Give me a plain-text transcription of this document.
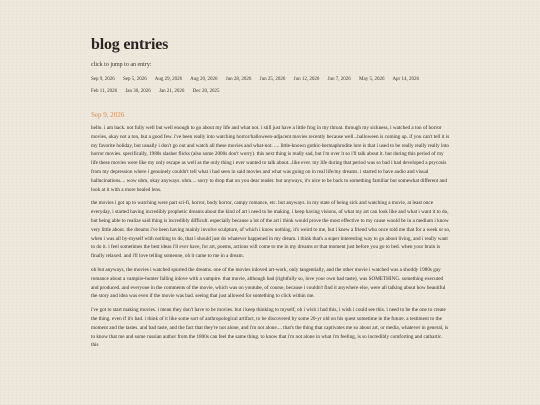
blog entries
click to jump to an entry:
Sep 9, 2026 Sep 5, 2026 Aug 29, 2026 Aug 20, 2026 Jun 28, 2026 Jun 25, 2026 Jun 12, 2026 Jun 7, 2026 May 5, 2026 Apr 14, 2026 Feb 11, 2026 Jan 30, 2026 Jan 21, 2026 Dec 20, 2025
Sep 9, 2026

hello. i am back. not fully well but well enough to go about my life and what not. i still just have a little frog in my throat. through my sickness, i watched a ton of horror movies, okay not a ton, but a good few. i've been really into watching horror/halloween-adjacent movies recently because well...halloween is coming up. if you can't tell it is my favorite holiday, but usually i don't go out and watch all these movies and what-not. .... little-known gothic-hermaphrodite lore is that i used to be really really really into horror movies. specifically, 1980s slasher flicks (also some 2000s don't worry). this next thing is really sad, but i'm over it so i'll talk about it. but during this period of my life these movies were like my only escape as well as the only thing i ever wanted to talk about...like ever. my life during that period was so bad i had developed a psycosis from my depression where i genuinely couldn't tell what i had seen in said movies and what was going on in real life/my dreams. i started to have audio and visual hallucinations.... wow uhm, okay anyways. uhm.... sorry to drop that on you dear reader. but anyways, it's nice to be back to something familiar but somewhat different and look at it with a more healed lens.

the movies i got up to watching were part sci-fi, horror, body horror, campy romance, etc. but anyways. in my state of being sick and watching a movie, at least once everyday, i started having incredibly prophetic dreams about the kind of art i need to be making. i keep having visions, of what my art can look like and what i want it to do, but being able to realize said thing is incredibly difficult. especially because a lot of the art i think would prove the most effective to my cause would be in a medium i know very little about. the dreams i've been having mainly involve sculpture, of which i know nothing. it's weird to me, but i knew a friend who once told me that for a week or so, when i was all by-myself with nothing to do, that i should just do whatever happened in my dream. i think that's a super interesting way to go about living, and i really want to do it. i feel sometimes the best ideas i'll ever have, for art, poems, actions will come to me in my dreams or that moment just before you go to bed. when your brain is finally relaxed. and i'll love telling someone, oh it came to me in a dream.

oh but anyways, the movies i watched spurred the dreams. one of the movies inloved art-work, only tangentially, and the other movie i watched was a shoddy 1980s gay romance about a vampire-hunter falling inlove with a vampire. that movie, although bad (rightfully so, love your own bad taste), was SOMETHING. something executed and produced. and everyone in the comments of the movie, which was on youtube, of course, because i couldn't find it anywhere else, were all talking about how beautiful the story and idea was even if the movie was bad. seeing that just allowed for something to click within me.

i've got to start making movies. i mean they don't have to be movies. but i keep thinking to myself, oh i wish i had this, i wish i could see this. i need to be the one to create the thing. even if it's bad. i think of it like some sort of anthropological artifact, to be discovered by some 20-yr old on his quest sometime in the future. a testiment to the moment and the tastes. and bad taste, and the fact that they're not alone, and i'm not alone.... that's the thing that captivates me so about art, or media, whatever in general, is to know that me and some russian author from the 1800s can feel the same thing. to know that i'm not alone in what i'm feeling, is so incredibly comforting and cathartic. this
